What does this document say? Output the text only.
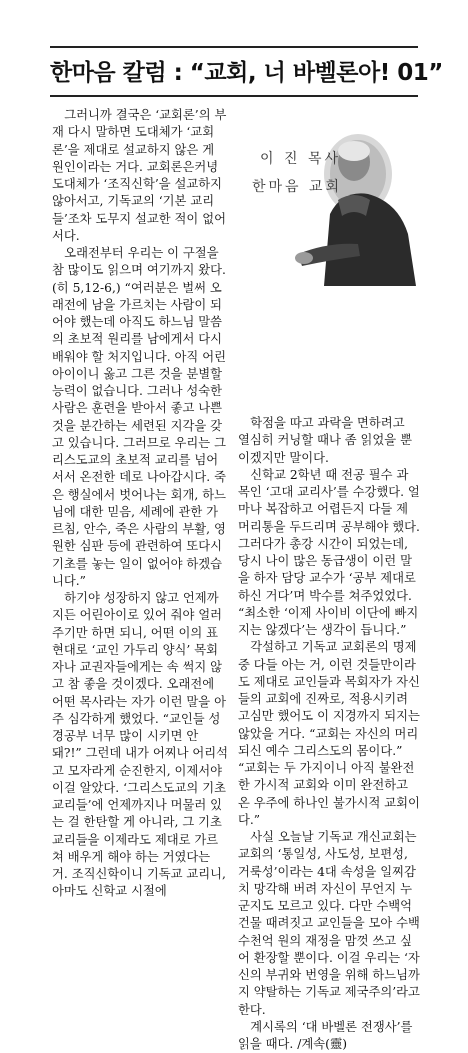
한마음 칼럼 : “교회, 너 바벨론아! 01”
이 진 목사
한마음 교회

　그러니까 결국은 ‘교회론’의 부재 다시 말하면 도대체가 ‘교회론’을 제대로 설교하지 않은 게 원인이라는 거다. 교회론은커녕 도대체가 ‘조직신학’을 설교하지 않아서고, 기독교의 ‘기본 교리들’조차 도무지 설교한 적이 없어서다.

　오래전부터 우리는 이 구절을 참 많이도 읽으며 여기까지 왔다. (히 5,12-6,) “여러분은 벌써 오래전에 남을 가르치는 사람이 되어야 했는데 아직도 하느님 말씀의 초보적 원리를 남에게서 다시 배워야 할 처지입니다. 아직 어린아이이니 옳고 그른 것을 분별할 능력이 없습니다. 그러나 성숙한 사람은 훈련을 받아서 좋고 나쁜 것을 분간하는 세련된 지각을 갖고 있습니다. 그러므로 우리는 그리스도교의 초보적 교리를 넘어서서 온전한 데로 나아갑시다. 죽은 행실에서 벗어나는 회개, 하느님에 대한 믿음, 세례에 관한 가르침, 안수, 죽은 사람의 부활, 영원한 심판 등에 관련하여 또다시 기초를 놓는 일이 없어야 하겠습니다.”

　하기야 성장하지 않고 언제까지든 어린아이로 있어 줘야 얼러주기만 하면 되니, 어떤 이의 표현대로 ‘교인 가두리 양식’ 목회자나 교권자들에게는 속 썩지 않고 참 좋을 것이겠다. 오래전에 어떤 목사라는 자가 이런 말을 아주 심각하게 했었다. “교인들 성경공부 너무 많이 시키면 안 돼?!” 그런데 내가 어찌나 어리석고 모자라게 순진한지, 이제서야 이걸 알았다. ‘그리스도교의 기초 교리들’에 언제까지나 머물러 있는 걸 한탄할 게 아니라, 그 기초 교리들을 이제라도 제대로 가르쳐 배우게 해야 하는 거였다는 거. 조직신학이니 기독교 교리니, 아마도 신학교 시절에

　학점을 따고 과락을 면하려고 열심히 커닝할 때나 좀 읽었을 뿐이겠지만 말이다.

　신학교 2학년 때 전공 필수 과목인 ‘고대 교리사’를 수강했다. 얼마나 복잡하고 어렵든지 다들 제 머리통을 두드리며 공부해야 했다. 그러다가 총강 시간이 되었는데, 당시 나이 많은 동급생이 이런 말을 하자 담당 교수가 ‘공부 제대로 하신 거다’며 박수를 쳐주었었다. “최소한 ‘이제 사이비 이단에 빠지지는 않겠다’는 생각이 듭니다.”

　각설하고 기독교 교회론의 명제 중 다들 아는 거, 이런 것들만이라도 제대로 교인들과 목회자가 자신들의 교회에 진짜로, 적용시키려 고심만 했어도 이 지경까지 되지는 않았을 거다. “교회는 자신의 머리되신 예수 그리스도의 몸이다.” “교회는 두 가지이니 아직 불완전한 가시적 교회와 이미 완전하고 온 우주에 하나인 불가시적 교회이다.”

　사실 오늘날 기독교 개신교회는 교회의 ‘통일성, 사도성, 보편성, 거룩성’이라는 4대 속성을 일찌감치 망각해 버려 자신이 무언지 누군지도 모르고 있다. 다만 수백억 건물 때려짓고 교인들을 모아 수백 수천억 원의 재정을 맘껏 쓰고 싶어 환장할 뿐이다. 이걸 우리는 ‘자신의 부귀와 번영을 위해 하느님까지 약탈하는 기독교 제국주의’라고 한다.

　계시록의 ‘대 바벨론 전쟁사’를 읽을 때다. /계속(靈)
